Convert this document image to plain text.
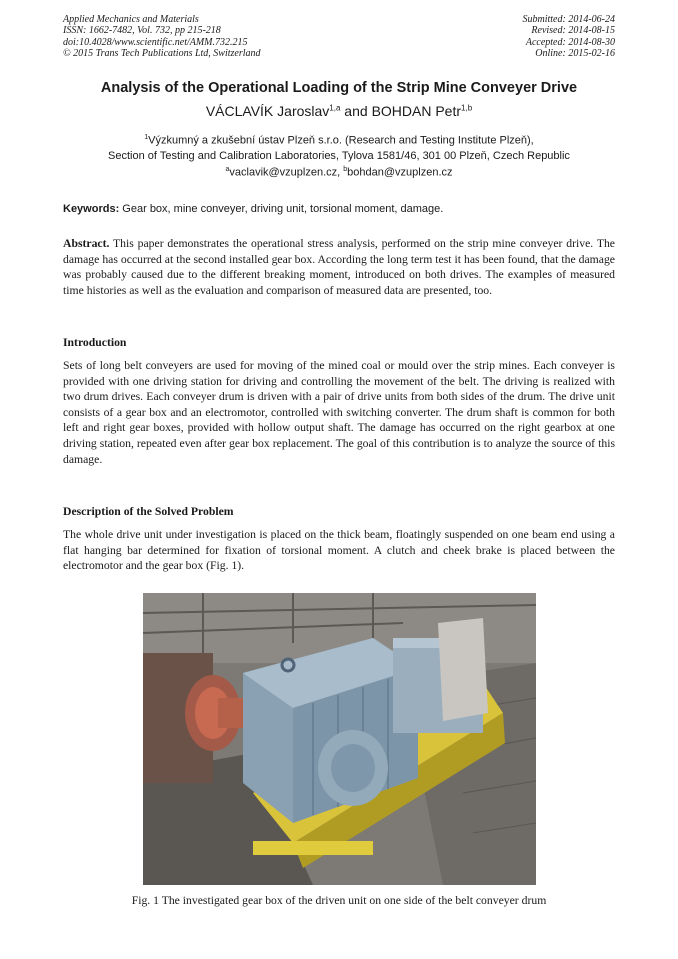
Applied Mechanics and Materials
ISSN: 1662-7482, Vol. 732, pp 215-218
doi:10.4028/www.scientific.net/AMM.732.215
© 2015 Trans Tech Publications Ltd, Switzerland
Submitted: 2014-06-24
Revised: 2014-08-15
Accepted: 2014-08-30
Online: 2015-02-16
Analysis of the Operational Loading of the Strip Mine Conveyer Drive
VÁCLAVÍK Jaroslav$^{1,a}$ and BOHDAN Petr$^{1,b}$
$^1$Výzkumný a zkušební ústav Plzeň s.r.o. (Research and Testing Institute Plzeň),
Section of Testing and Calibration Laboratories, Tylova 1581/46, 301 00 Plzeň, Czech Republic
$^a$vaclavik@vzuplzen.cz, $^b$bohdan@vzuplzen.cz
Keywords: Gear box, mine conveyer, driving unit, torsional moment, damage.
Abstract. This paper demonstrates the operational stress analysis, performed on the strip mine conveyer drive. The damage has occurred at the second installed gear box. According the long term test it has been found, that the damage was probably caused due to the different breaking moment, introduced on both drives. The examples of measured time histories as well as the evaluation and comparison of measured data are presented, too.
Introduction
Sets of long belt conveyers are used for moving of the mined coal or mould over the strip mines. Each conveyer is provided with one driving station for driving and controlling the movement of the belt. The driving is realized with two drum drives. Each conveyer drum is driven with a pair of drive units from both sides of the drum. The drive unit consists of a gear box and an electromotor, controlled with switching converter. The drum shaft is common for both left and right gear boxes, provided with hollow output shaft. The damage has occurred on the right gearbox at one driving station, repeated even after gear box replacement. The goal of this contribution is to analyze the source of this damage.
Description of the Solved Problem
The whole drive unit under investigation is placed on the thick beam, floatingly suspended on one beam end using a flat hanging bar determined for fixation of torsional moment. A clutch and cheek brake is placed between the electromotor and the gear box (Fig. 1).
Fig. 1 The investigated gear box of the driven unit on one side of the belt conveyer drum
